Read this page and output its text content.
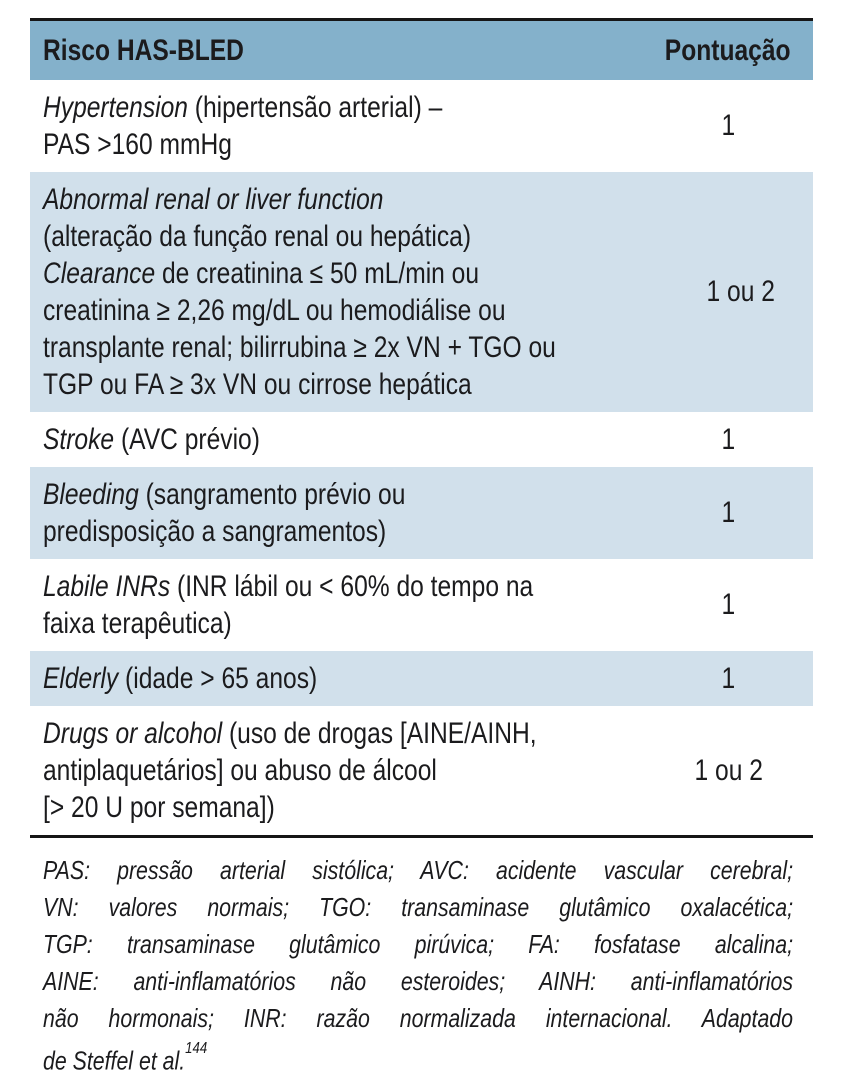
Risco HAS-BLED	Pontuação
Hypertension (hipertensão arterial) –
PAS >160 mmHg
1
Abnormal renal or liver function
(alteração da função renal ou hepática)
Clearance de creatinina ≤ 50 mL/min ou
creatinina ≥ 2,26 mg/dL ou hemodiálise ou
transplante renal; bilirrubina ≥ 2x VN + TGO ou
TGP ou FA ≥ 3x VN ou cirrose hepática
1 ou 2
Stroke (AVC prévio)	1
Bleeding (sangramento prévio ou
predisposição a sangramentos)
1
Labile INRs (INR lábil ou < 60% do tempo na
faixa terapêutica)
1
Elderly (idade > 65 anos)	1
Drugs or alcohol (uso de drogas [AINE/AINH,
antiplaquetários] ou abuso de álcool
[> 20 U por semana])
1 ou 2
PAS: pressão arterial sistólica; AVC: acidente vascular cerebral;
VN: valores normais; TGO: transaminase glutâmico oxalacética;
TGP: transaminase glutâmico pirúvica; FA: fosfatase alcalina;
AINE: anti-inflamatórios não esteroides; AINH: anti-inflamatórios
não hormonais; INR: razão normalizada internacional. Adaptado
de Steffel et al.$^{144}$
